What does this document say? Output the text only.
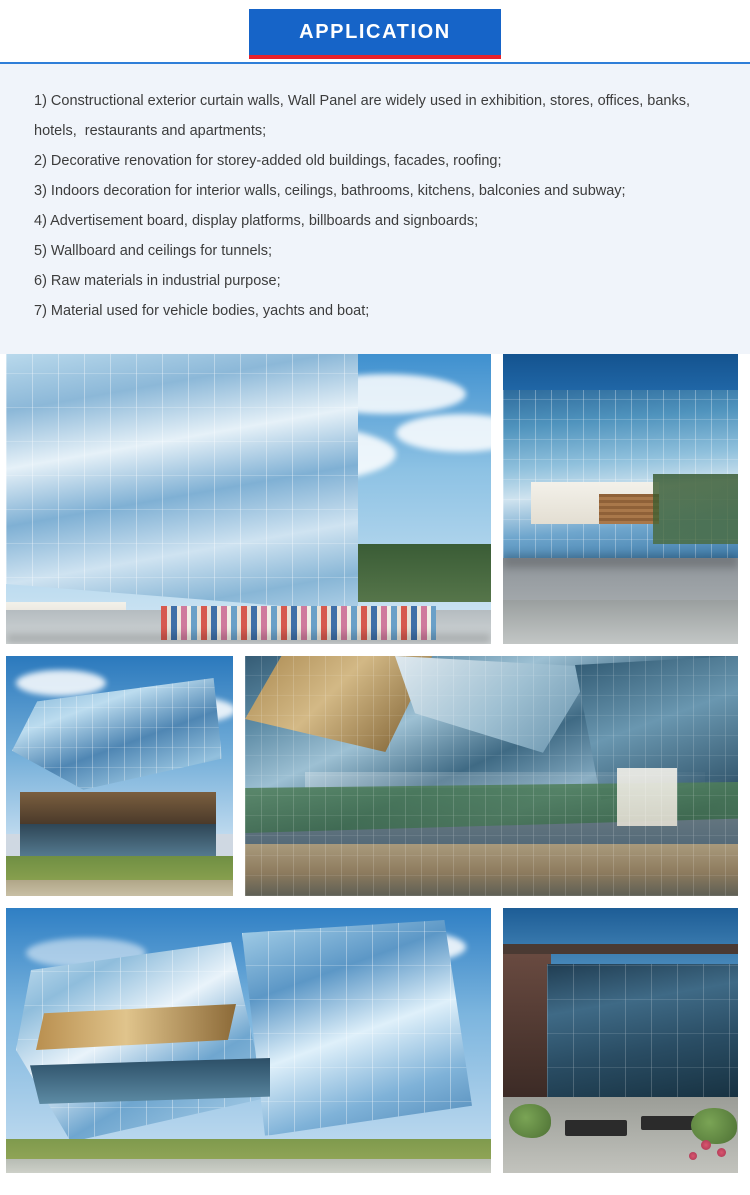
APPLICATION
1) Constructional exterior curtain walls, Wall Panel are widely used in exhibition, stores, offices, banks, hotels,  restaurants and apartments;
2) Decorative renovation for storey-added old buildings, facades, roofing;
3) Indoors decoration for interior walls, ceilings, bathrooms, kitchens, balconies and subway;
4) Advertisement board, display platforms, billboards and signboards;
5) Wallboard and ceilings for tunnels;
6) Raw materials in industrial purpose;
7) Material used for vehicle bodies, yachts and boat;
